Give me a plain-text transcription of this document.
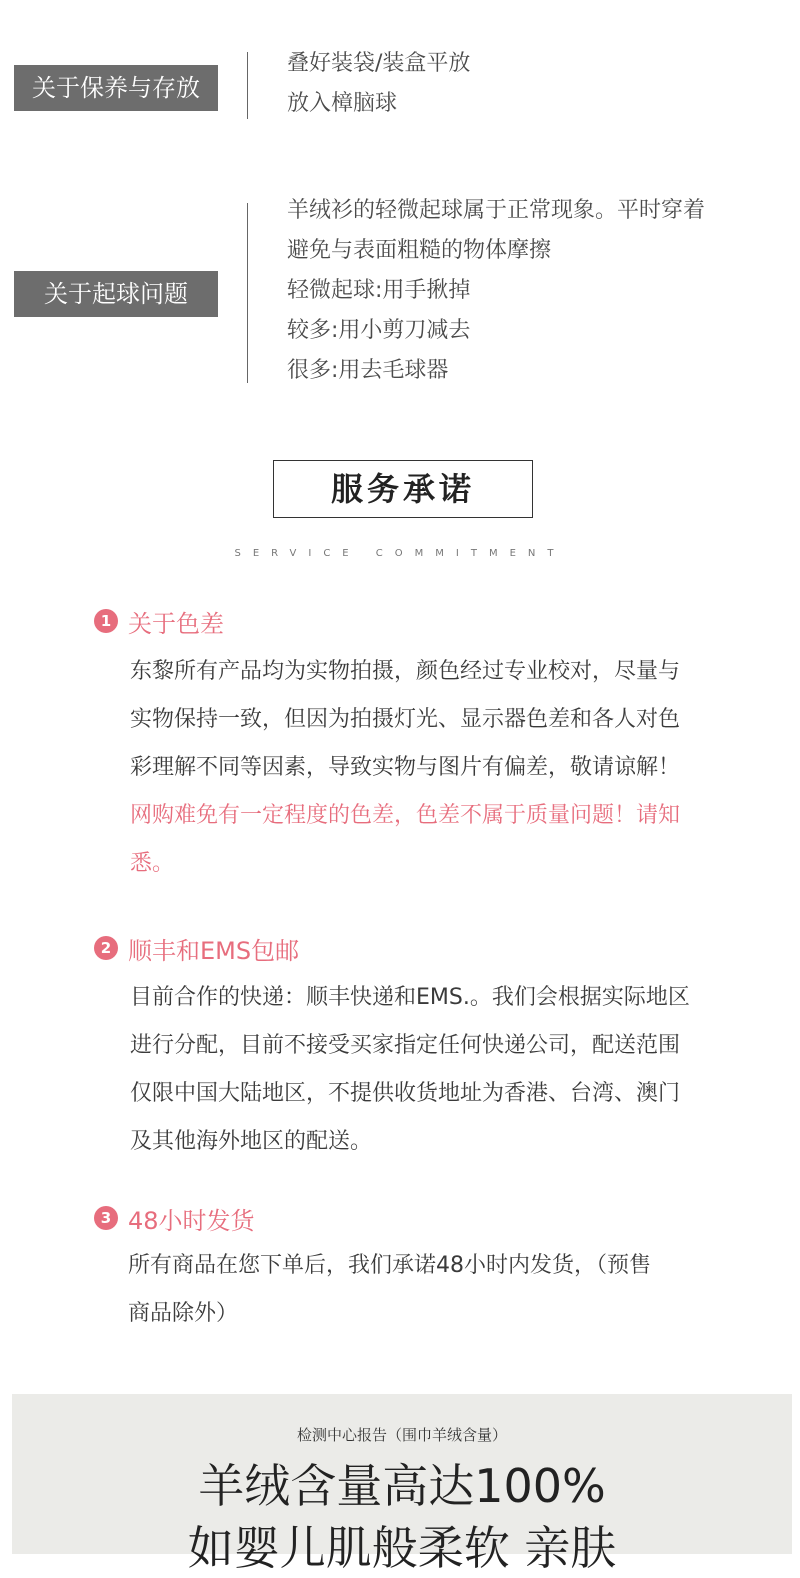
关于保养与存放
叠好装袋/装盒平放
放入樟脑球
关于起球问题
羊绒衫的轻微起球属于正常现象。平时穿着
避免与表面粗糙的物体摩擦
轻微起球:用手揪掉
较多:用小剪刀减去
很多:用去毛球器
服务承诺
SERVICE COMMITMENT
1 关于色差
东黎所有产品均为实物拍摄，颜色经过专业校对，尽量与
实物保持一致，但因为拍摄灯光、显示器色差和各人对色
彩理解不同等因素，导致实物与图片有偏差，敬请谅解！
网购难免有一定程度的色差，色差不属于质量问题！请知
悉。
2 顺丰和EMS包邮
目前合作的快递：顺丰快递和EMS.。我们会根据实际地区
进行分配，目前不接受买家指定任何快递公司，配送范围
仅限中国大陆地区，不提供收货地址为香港、台湾、澳门
及其他海外地区的配送。
3 48小时发货
所有商品在您下单后，我们承诺48小时内发货，（预售
商品除外）
检测中心报告（围巾羊绒含量）
羊绒含量高达100%
如婴儿肌般柔软 亲肤
